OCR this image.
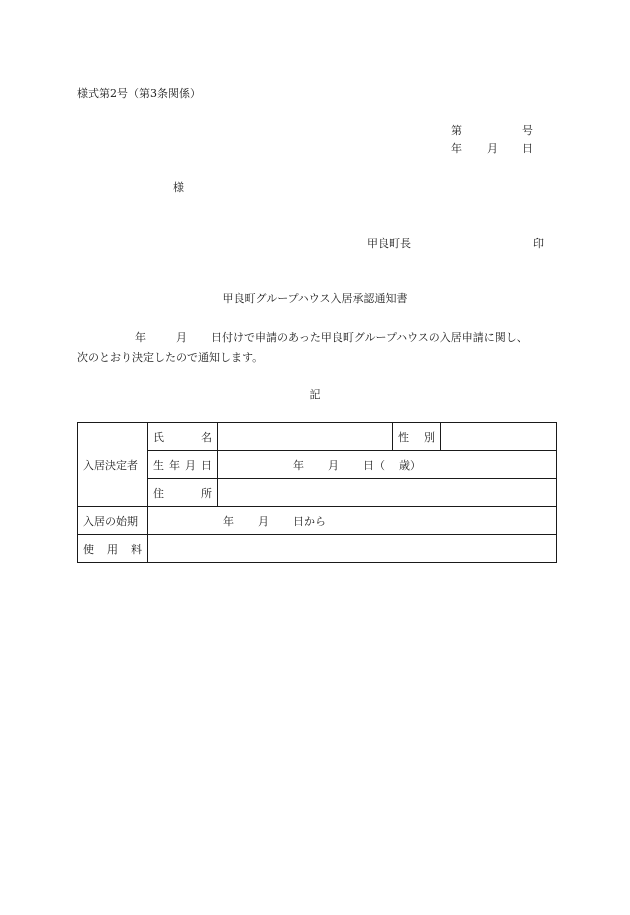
様式第2号（第3条関係）
第	号
年 月 日
様
甲良町長	印
甲良町グループハウス入居承認通知書
年	月 日付けで申請のあった甲良町グループハウスの入居申請に関し、
次のとおり決定したので通知します。
記
入居決定者	氏　名		性　別	
	生年月日	年 月 日（ 歳）		
	住　所			
入居の始期	年 月 日から			
使　用　料				
